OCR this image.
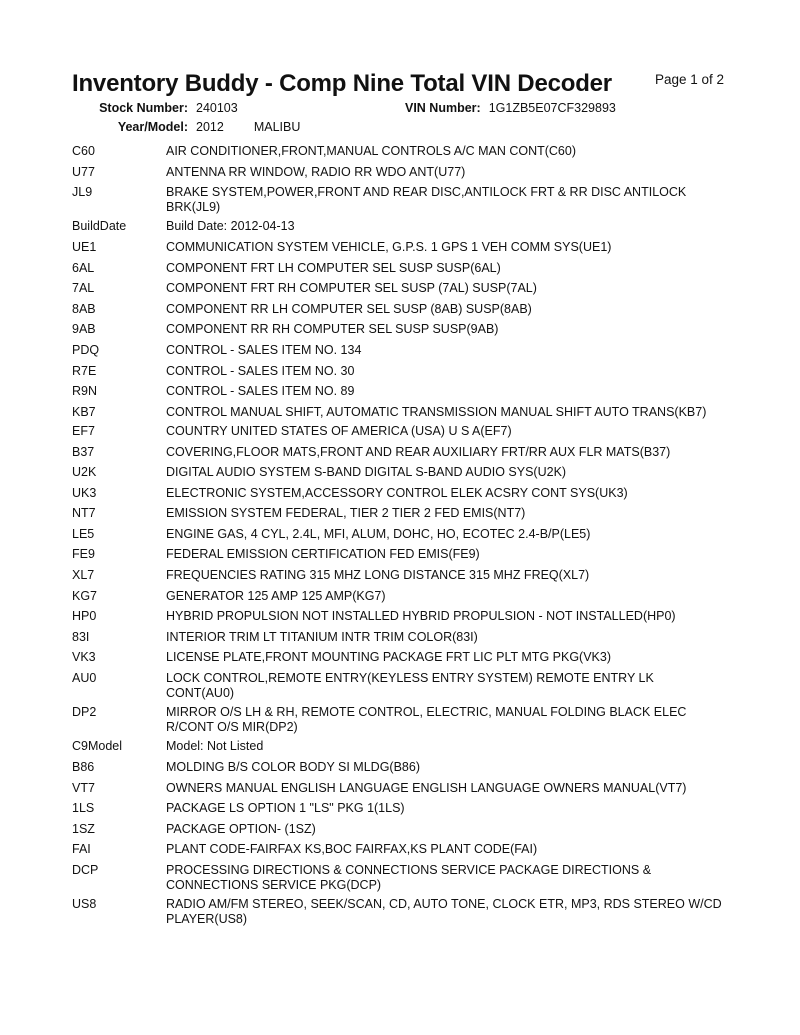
Inventory Buddy - Comp Nine Total VIN Decoder	Page 1 of 2
Stock Number: 240103	VIN Number: 1G1ZB5E07CF329893
Year/Model: 2012 MALIBU
C60	AIR CONDITIONER,FRONT,MANUAL CONTROLS A/C MAN CONT(C60)
U77	ANTENNA RR WINDOW, RADIO RR WDO ANT(U77)
JL9	BRAKE SYSTEM,POWER,FRONT AND REAR DISC,ANTILOCK FRT & RR DISC ANTILOCK BRK(JL9)
BuildDate	Build Date: 2012-04-13
UE1	COMMUNICATION SYSTEM VEHICLE, G.P.S. 1 GPS 1 VEH COMM SYS(UE1)
6AL	COMPONENT FRT LH COMPUTER SEL SUSP SUSP(6AL)
7AL	COMPONENT FRT RH COMPUTER SEL SUSP (7AL) SUSP(7AL)
8AB	COMPONENT RR LH COMPUTER SEL SUSP (8AB) SUSP(8AB)
9AB	COMPONENT RR RH COMPUTER SEL SUSP SUSP(9AB)
PDQ	CONTROL - SALES ITEM NO. 134
R7E	CONTROL - SALES ITEM NO. 30
R9N	CONTROL - SALES ITEM NO. 89
KB7	CONTROL MANUAL SHIFT, AUTOMATIC TRANSMISSION MANUAL SHIFT AUTO TRANS(KB7)
EF7	COUNTRY UNITED STATES OF AMERICA (USA) U S A(EF7)
B37	COVERING,FLOOR MATS,FRONT AND REAR AUXILIARY FRT/RR AUX FLR MATS(B37)
U2K	DIGITAL AUDIO SYSTEM S-BAND DIGITAL S-BAND AUDIO SYS(U2K)
UK3	ELECTRONIC SYSTEM,ACCESSORY CONTROL ELEK ACSRY CONT SYS(UK3)
NT7	EMISSION SYSTEM FEDERAL, TIER 2 TIER 2 FED EMIS(NT7)
LE5	ENGINE GAS, 4 CYL, 2.4L, MFI, ALUM, DOHC, HO, ECOTEC 2.4-B/P(LE5)
FE9	FEDERAL EMISSION CERTIFICATION FED EMIS(FE9)
XL7	FREQUENCIES RATING 315 MHZ LONG DISTANCE 315 MHZ FREQ(XL7)
KG7	GENERATOR 125 AMP 125 AMP(KG7)
HP0	HYBRID PROPULSION NOT INSTALLED HYBRID PROPULSION - NOT INSTALLED(HP0)
83I	INTERIOR TRIM LT TITANIUM INTR TRIM COLOR(83I)
VK3	LICENSE PLATE,FRONT MOUNTING PACKAGE FRT LIC PLT MTG PKG(VK3)
AU0	LOCK CONTROL,REMOTE ENTRY(KEYLESS ENTRY SYSTEM) REMOTE ENTRY LK CONT(AU0)
DP2	MIRROR O/S LH & RH, REMOTE CONTROL, ELECTRIC, MANUAL FOLDING BLACK ELEC R/CONT O/S MIR(DP2)
C9Model	Model: Not Listed
B86	MOLDING B/S COLOR BODY SI MLDG(B86)
VT7	OWNERS MANUAL ENGLISH LANGUAGE ENGLISH LANGUAGE OWNERS MANUAL(VT7)
1LS	PACKAGE LS OPTION 1 "LS" PKG 1(1LS)
1SZ	PACKAGE OPTION- (1SZ)
FAI	PLANT CODE-FAIRFAX KS,BOC FAIRFAX,KS PLANT CODE(FAI)
DCP	PROCESSING DIRECTIONS & CONNECTIONS SERVICE PACKAGE DIRECTIONS & CONNECTIONS SERVICE PKG(DCP)
US8	RADIO AM/FM STEREO, SEEK/SCAN, CD, AUTO TONE, CLOCK ETR, MP3, RDS STEREO W/CD PLAYER(US8)
